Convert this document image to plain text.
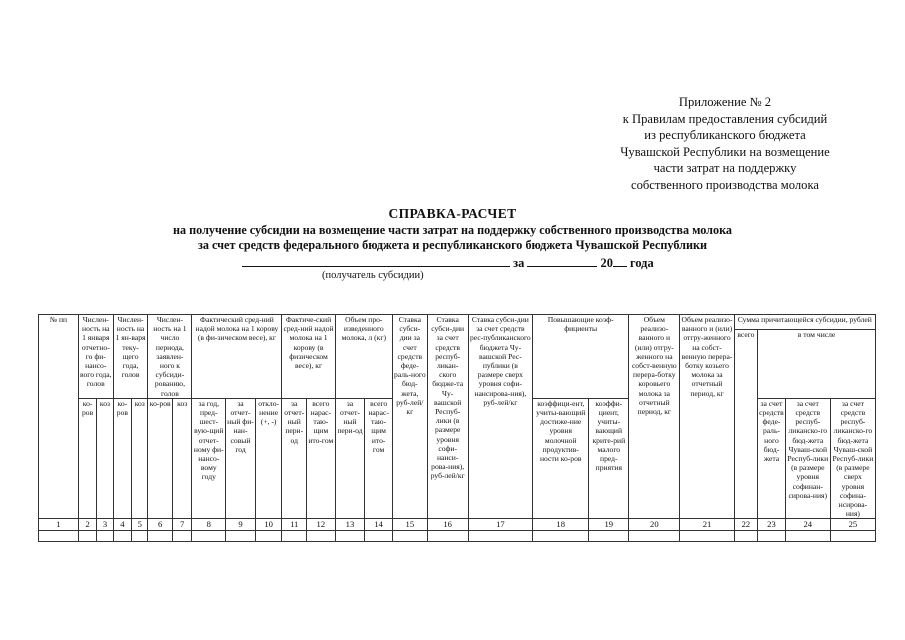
Приложение № 2
к Правилам предоставления субсидий
из республиканского бюджета
Чувашской Республики на возмещение
части затрат на поддержку
собственного производства молока
СПРАВКА-РАСЧЕТ
на получение субсидии на возмещение части затрат на поддержку собственного производства молока
за счет средств федерального бюджета и республиканского бюджета Чувашской Республики
за	20 года
(получатель субсидии)
№ пп	Числен-ность на 1 января отчетно-го фи-нансо-вого года, голов		Числен-ность на 1 ян-варя теку-щего года, голов		Числен-ность на 1 число периода, заявлен-ного к субсиди-рованию, голов		Фактический сред-ний надой молока на 1 корову (в фи-зическом весе), кг			Фактиче-ский сред-ний надой молока на 1 корову (в физическом весе), кг		Объем про-изведенного молока, л (кг)		Ставка субси-дии за счет средств феде-раль-ного бюд-жета, руб-лей/кг	Ставка субси-дии за счет средств респуб-ликан-ского бюдже-та Чу-вашской Респуб-лики (в размере уровня софи-нанси-рова-ния), руб-лей/кг	Ставка субси-дии за счет средств рес-публиканского бюджета Чу-вашской Рес-публики (в размере сверх уровня софи-нансирова-ния), руб-лей/кг	Повышающие коэф-фициенты		Объем реализо-ванного и (или) отгру-женного на собст-венную перера-ботку коровьего молока за отчетный период, кг	Объем реализо-ванного и (или) отгру-женного на собст-венную перера-ботку козьего молока за отчетный период, кг	Сумма причитающейся субсидии, рублей			
																					всего	в том числе		
	ко-ров	коз	ко-ров	коз	ко-ров	коз	за год, пред-шест-вую-щий отчет-ному фи-нансо-вому году	за отчет-ный фи-нан-совый год	откло-нение (+, -)	за отчет-ный пери-од	всего нарас-таю-щим ито-гом	за отчет-ный пери-од	всего нарас-таю-щим ито-гом				коэффици-ент, учиты-вающий достиже-ние уровня молочной продуктив-ности ко-ров	коэффи-циент, учиты-вающий крите-рий малого пред-приятия				за счет средств феде-раль-ного бюд-жета	за счет средств респуб-ликанско-го бюд-жета Чуваш-ской Респуб-лики (в размере уровня софинан-сирова-ния)	за счет средств респуб-ликанско-го бюд-жета Чуваш-ской Респуб-лики (в размере сверх уровня софина-нсирова-ния)
1	2	3	4	5	6	7	8	9	10	11	12	13	14	15	16	17	18	19	20	21	22	23	24	25
